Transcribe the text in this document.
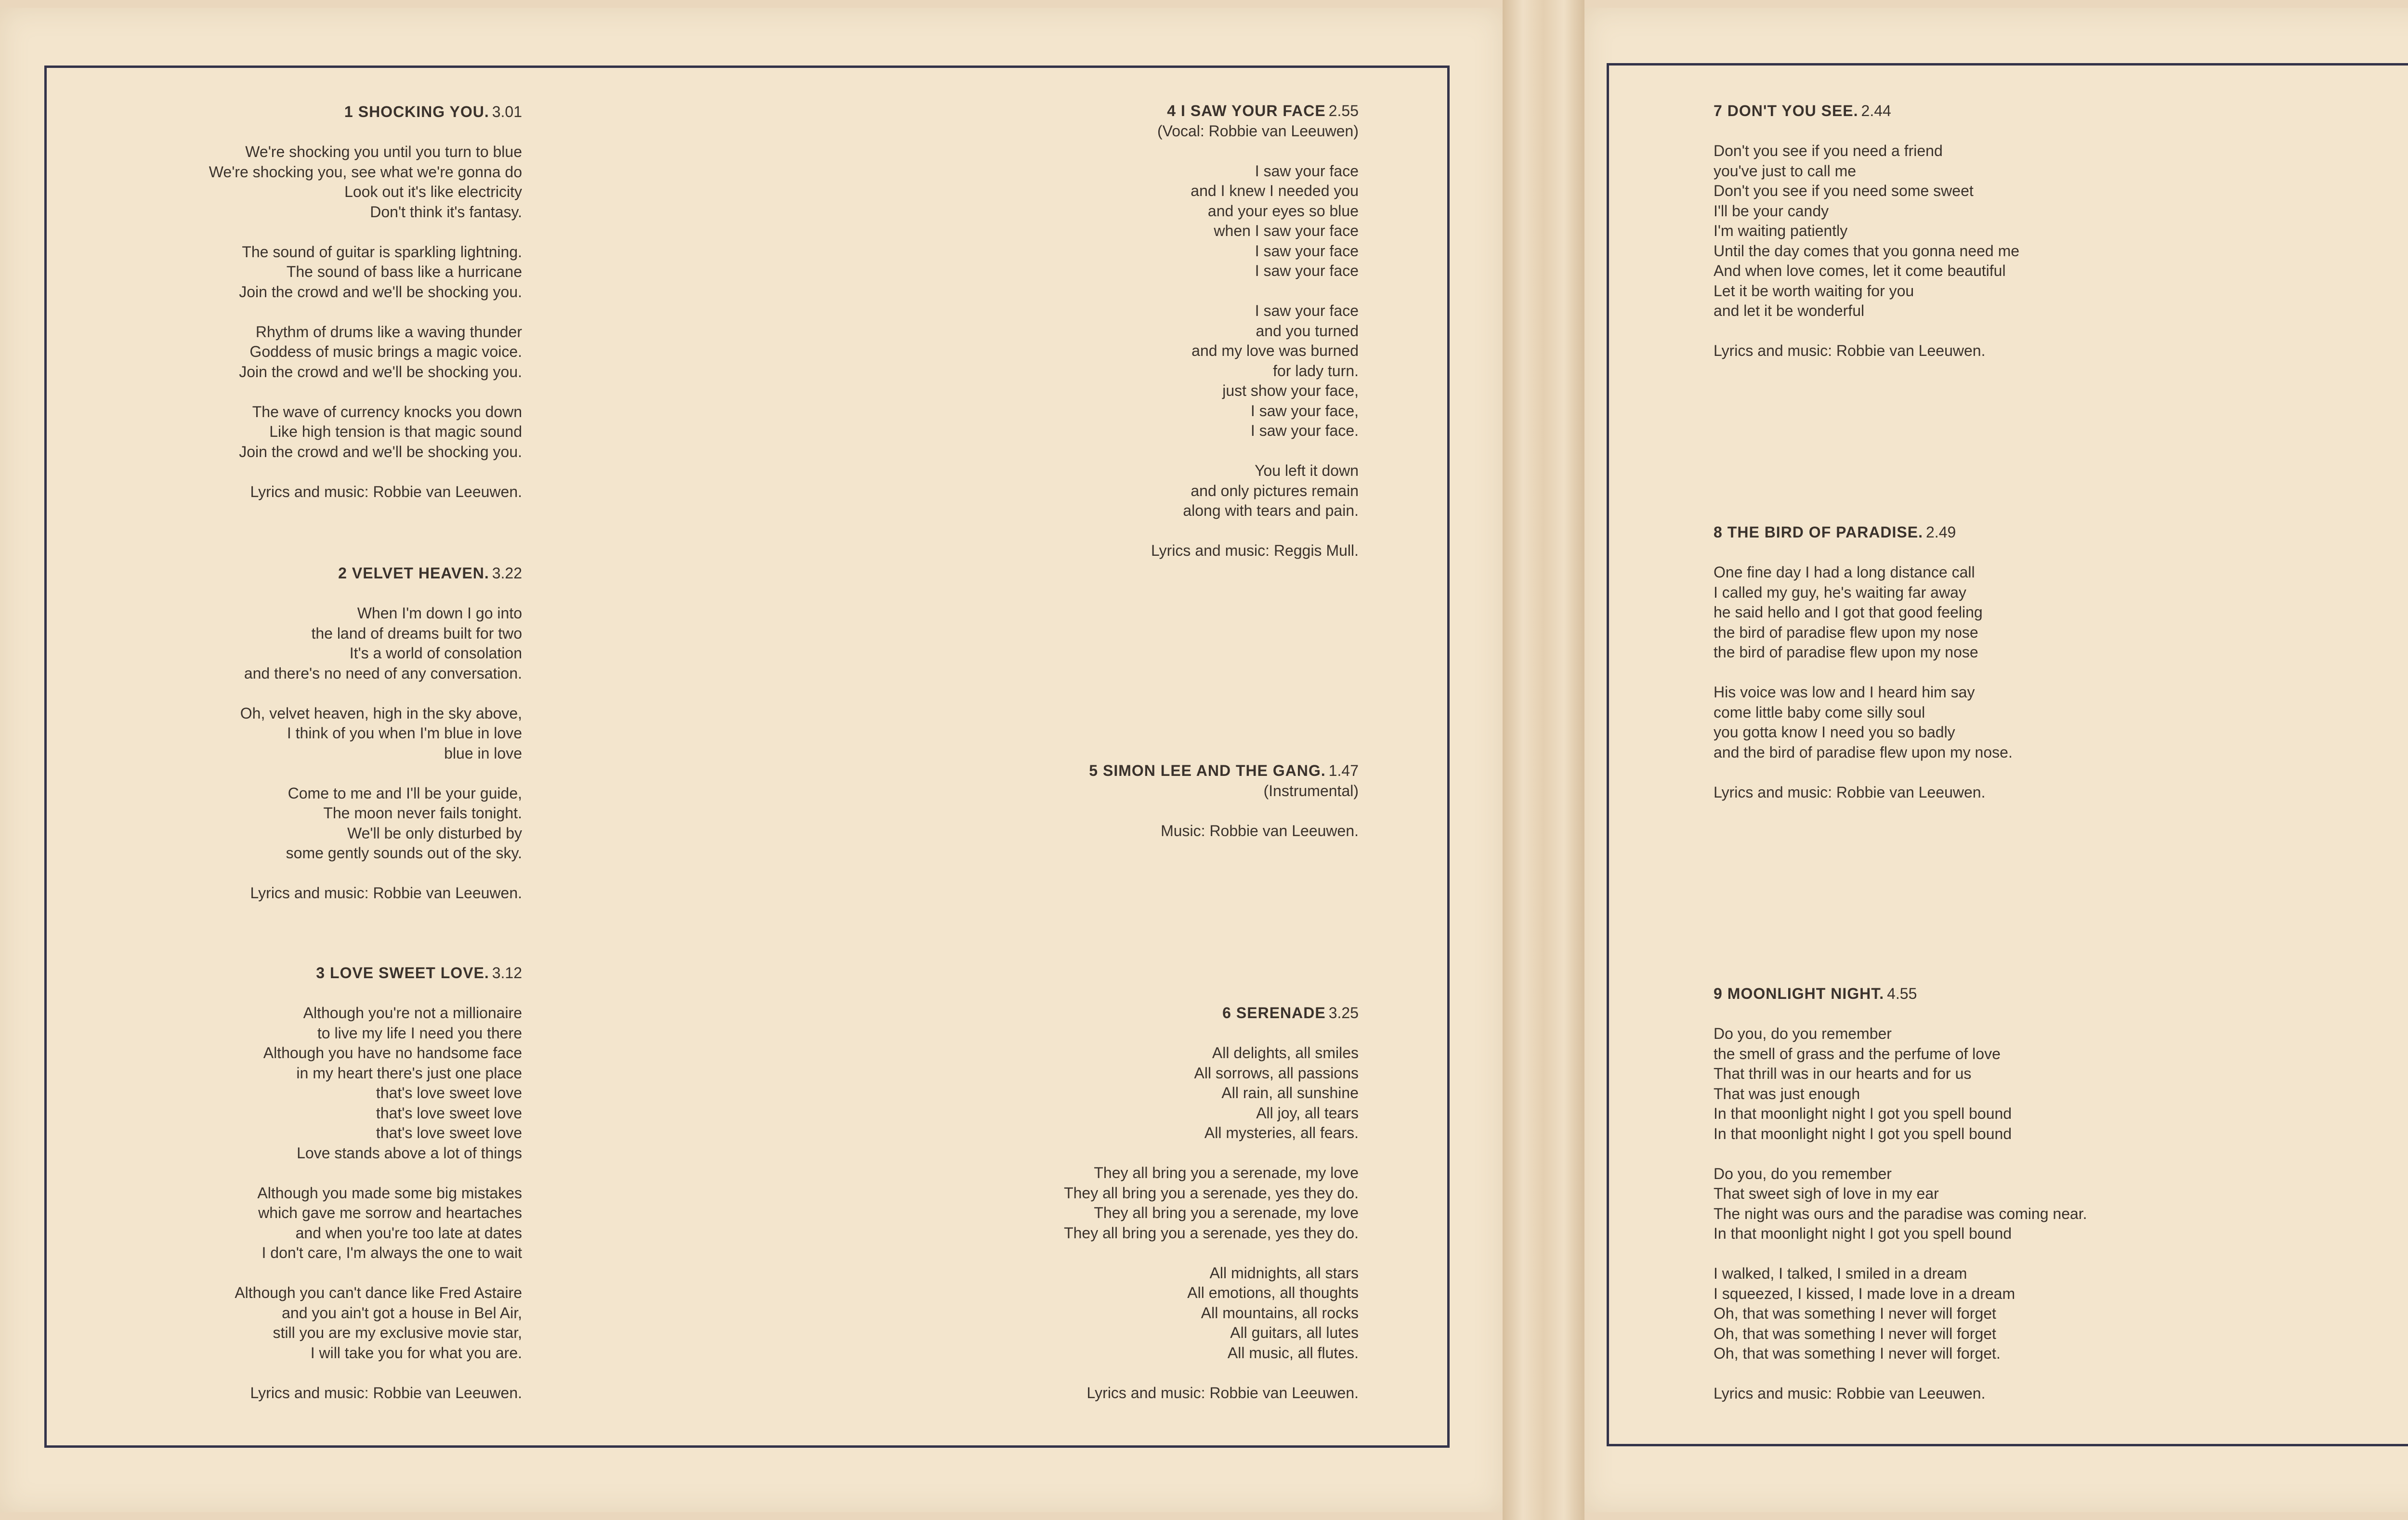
1 SHOCKING YOU. 3.01
We're shocking you until you turn to blue
We're shocking you, see what we're gonna do
Look out it's like electricity
Don't think it's fantasy.
The sound of guitar is sparkling lightning.
The sound of bass like a hurricane
Join the crowd and we'll be shocking you.
Rhythm of drums like a waving thunder
Goddess of music brings a magic voice.
Join the crowd and we'll be shocking you.
The wave of currency knocks you down
Like high tension is that magic sound
Join the crowd and we'll be shocking you.
Lyrics and music: Robbie van Leeuwen.
2 VELVET HEAVEN. 3.22
When I'm down I go into
the land of dreams built for two
It's a world of consolation
and there's no need of any conversation.
Oh, velvet heaven, high in the sky above,
I think of you when I'm blue in love
blue in love
Come to me and I'll be your guide,
The moon never fails tonight.
We'll be only disturbed by
some gently sounds out of the sky.
Lyrics and music: Robbie van Leeuwen.
3 LOVE SWEET LOVE. 3.12
Although you're not a millionaire
to live my life I need you there
Although you have no handsome face
in my heart there's just one place
that's love sweet love
that's love sweet love
that's love sweet love
Love stands above a lot of things
Although you made some big mistakes
which gave me sorrow and heartaches
and when you're too late at dates
I don't care, I'm always the one to wait
Although you can't dance like Fred Astaire
and you ain't got a house in Bel Air,
still you are my exclusive movie star,
I will take you for what you are.
Lyrics and music: Robbie van Leeuwen.
4 I SAW YOUR FACE 2.55
(Vocal: Robbie van Leeuwen)
I saw your face
and I knew I needed you
and your eyes so blue
when I saw your face
I saw your face
I saw your face
I saw your face
and you turned
and my love was burned
for lady turn.
just show your face,
I saw your face,
I saw your face.
You left it down
and only pictures remain
along with tears and pain.
Lyrics and music: Reggis Mull.
5 SIMON LEE AND THE GANG. 1.47
(Instrumental)
Music: Robbie van Leeuwen.
6 SERENADE 3.25
All delights, all smiles
All sorrows, all passions
All rain, all sunshine
All joy, all tears
All mysteries, all fears.
They all bring you a serenade, my love
They all bring you a serenade, yes they do.
They all bring you a serenade, my love
They all bring you a serenade, yes they do.
All midnights, all stars
All emotions, all thoughts
All mountains, all rocks
All guitars, all lutes
All music, all flutes.
Lyrics and music: Robbie van Leeuwen.
7 DON'T YOU SEE. 2.44
Don't you see if you need a friend
you've just to call me
Don't you see if you need some sweet
I'll be your candy
I'm waiting patiently
Until the day comes that you gonna need me
And when love comes, let it come beautiful
Let it be worth waiting for you
and let it be wonderful
Lyrics and music: Robbie van Leeuwen.
8 THE BIRD OF PARADISE. 2.49
One fine day I had a long distance call
I called my guy, he's waiting far away
he said hello and I got that good feeling
the bird of paradise flew upon my nose
the bird of paradise flew upon my nose
His voice was low and I heard him say
come little baby come silly soul
you gotta know I need you so badly
and the bird of paradise flew upon my nose.
Lyrics and music: Robbie van Leeuwen.
9 MOONLIGHT NIGHT. 4.55
Do you, do you remember
the smell of grass and the perfume of love
That thrill was in our hearts and for us
That was just enough
In that moonlight night I got you spell bound
In that moonlight night I got you spell bound
Do you, do you remember
That sweet sigh of love in my ear
The night was ours and the paradise was coming near.
In that moonlight night I got you spell bound
I walked, I talked, I smiled in a dream
I squeezed, I kissed, I made love in a dream
Oh, that was something I never will forget
Oh, that was something I never will forget
Oh, that was something I never will forget.
Lyrics and music: Robbie van Leeuwen.
